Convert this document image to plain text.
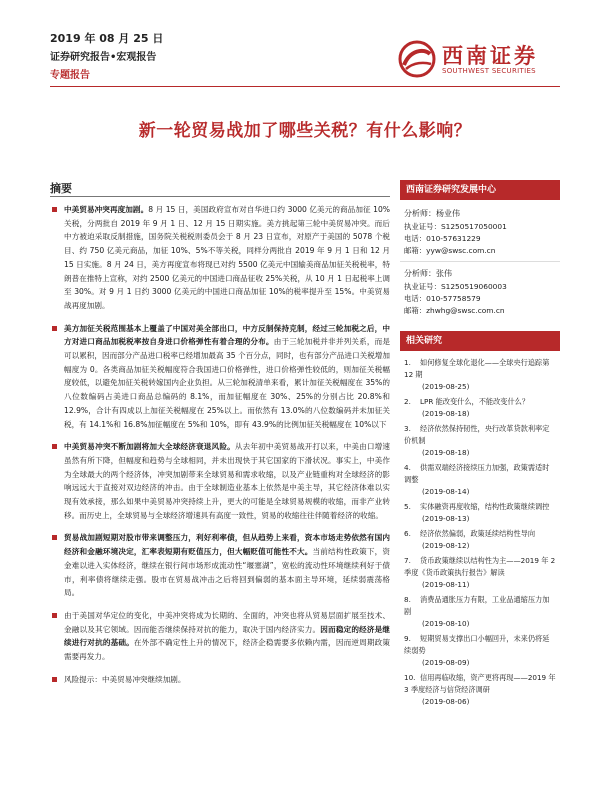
2019 年 08 月 25 日
证券研究报告•宏观报告
专题报告
西南证券
SOUTHWEST SECURITIES
新一轮贸易战加了哪些关税？有什么影响？
摘要
中美贸易冲突再度加剧。8 月 15 日，美国政府宣布对自华进口约 3000 亿美元的商品加征 10%关税，分两批自 2019 年 9 月 1 日、12 月 15 日期实施。美方挑起第三轮中美贸易冲突。而后中方被迫采取反制措施，国务院关税税则委员会于 8 月 23 日宣布，对原产于美国的 5078 个税目、约 750 亿美元商品，加征 10%、5%不等关税，同样分两批自 2019 年 9 月 1 日和 12 月 15 日实施。8 月 24 日，美方再度宣布将现已对约 5500 亿美元中国输美商品加征关税税率，特朗普在推特上宣称，对约 2500 亿美元的中国进口商品征收 25%关税，从 10 月 1 日起税率上调至 30%。对 9 月 1 日约 3000 亿美元的中国进口商品加征 10%的税率提升至 15%。中美贸易战再度加剧。
美方加征关税范围基本上覆盖了中国对美全部出口，中方反制保持克制，经过三轮加税之后，中方对进口商品加税税率按自身进口价格弹性有着合理的分布。由于三轮加税并非并列关系，而是可以累积，因而部分产品进口税率已经增加最高 35 个百分点，同时，也有部分产品进口关税增加幅度为 0。各类商品加征关税幅度符合我国进口价格弹性，进口价格弹性较低的，则加征关税幅度较低，以避免加征关税转嫁国内企业负担。从三轮加税清单来看，累计加征关税幅度在 35%的八位数编码占美进口商品总编码的 8.1%，而加征幅度在 30%、25%的分别占比 20.8%和 12.9%，合计有四成以上加征关税幅度在 25%以上。而依然有 13.0%的八位数编码并未加征关税，有 14.1%和 16.8%加征幅度在 5%和 10%，即有 43.9%的比例加征关税幅度在 10%以下
中美贸易冲突不断加剧将加大全球经济衰退风险。从去年初中美贸易战开打以来，中美由口增速虽然有所下降，但幅度和趋势与全球相同，并未出现快于其它国家的下滑状况。事实上，中美作为全球最大的两个经济体，冲突加剧带来全球贸易和需求收缩，以及产业链重构对全球经济的影响远远大于直接对双边经济的冲击。由于全球制造业基本上依然是中美主导，其它经济体难以实现有效承接，那么如果中美贸易冲突持续上升，更大的可能是全球贸易规模的收缩，而非产业转移。而历史上，全球贸易与全球经济增速具有高度一致性，贸易的收缩往往伴随着经济的收缩。
贸易战加剧短期对股市带来调整压力，利好利率债，但从趋势上来看，资本市场走势依然有国内经济和金融环境决定，汇率表短期有贬值压力，但大幅贬值可能性不大。当前结构性政策下，资金难以进入实体经济，继续在银行间市场形成流动性“堰塞湖”，宽松的流动性环境继续利好于债市，利率债将继续走强。股市在贸易战冲击之后将回到偏弱的基本面主导环境，延续弱震荡格局。
由于美国对华定位的变化，中美冲突将成为长期的、全面的，冲突也将从贸易层面扩展至技术、金融以及其它领域。因而能否继续保持对抗的能力，取决于国内经济实力。因而稳定的经济是继续进行对抗的基础。在外部不确定性上升的情况下，经济企稳需要多依赖内需，因而逆周期政策需要再发力。
风险提示：中美贸易冲突继续加剧。
西南证券研究发展中心
分析师：杨业伟
执业证号：S1250517050001
电话：010-57631229
邮箱：yyw@swsc.com.cn
分析师：张伟
执业证号：S1250519060003
电话：010-57758579
邮箱：zhwhg@swsc.com.cn
相关研究
1. 如何修复全球化退化——全球央行追踪第 12 期
(2019-08-25)
2. LPR 能改变什么，不能改变什么？
(2019-08-18)
3. 经济依然保持韧性，央行改革贷款利率定价机制
(2019-08-18)
4. 供需双端经济接续压力加强，政策需适时调整
(2019-08-14)
5. 实体融资再度收缩，结构性政策继续调控
(2019-08-13)
6. 经济依然偏弱，政策延续结构性导向
(2019-08-12)
7. 货币政策继续以结构性为主——2019 年 2 季度《货币政策执行报告》解读
(2019-08-11)
8. 消费品通胀压力有限，工业品通缩压力加剧
(2019-08-10)
9. 短期贸易支撑出口小幅回升，未来仍将延续弱势
(2019-08-09)
10. 信用再临收缩，资产更将再现——2019 年 3 季度经济与信贷经济调研
(2019-08-06)
